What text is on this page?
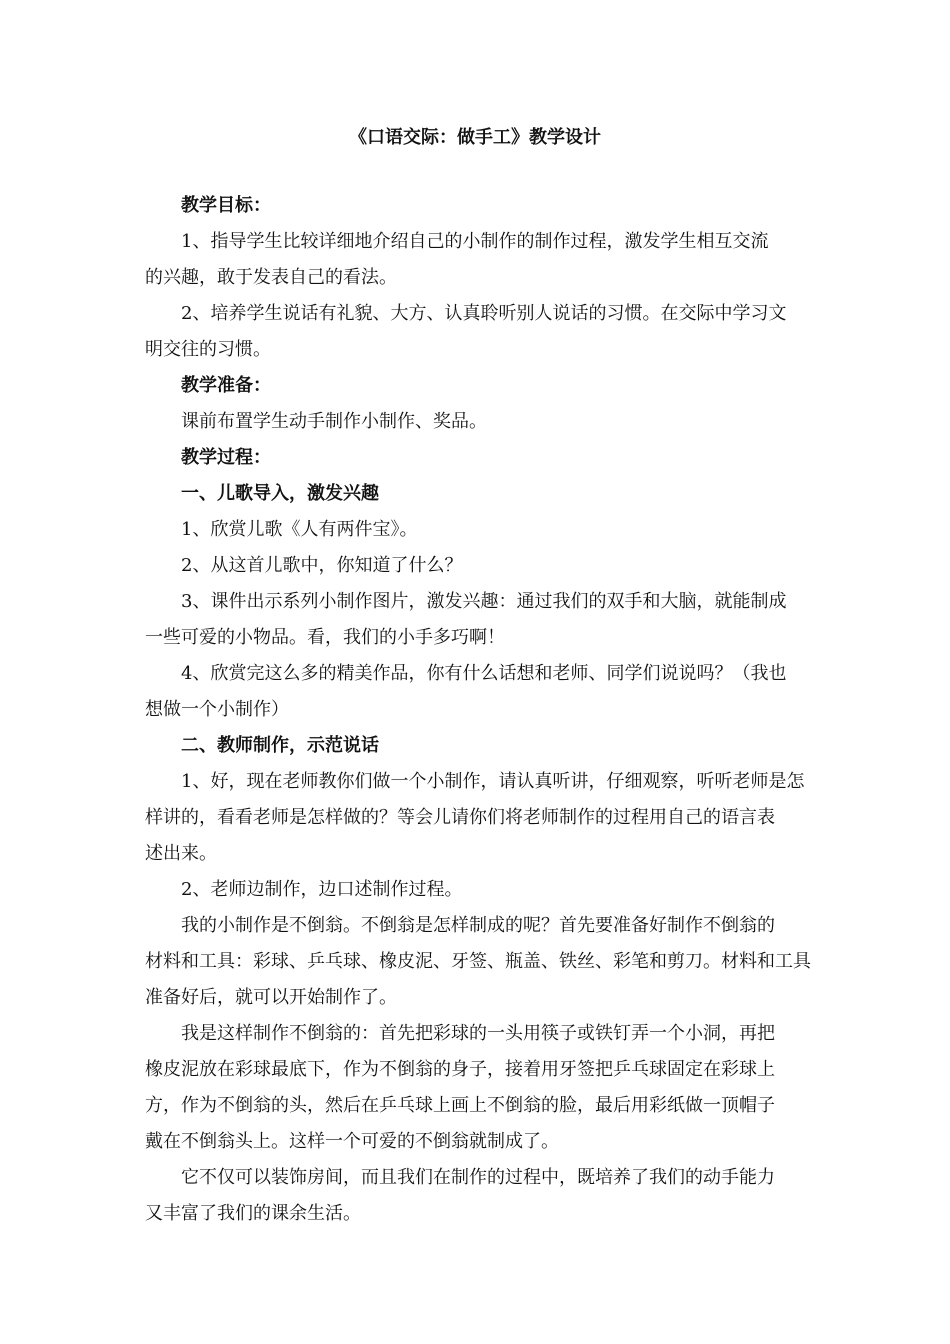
《口语交际：做手工》教学设计
教学目标：
1、指导学生比较详细地介绍自己的小制作的制作过程，激发学生相互交流
的兴趣，敢于发表自己的看法。
2、培养学生说话有礼貌、大方、认真聆听别人说话的习惯。在交际中学习文
明交往的习惯。
教学准备：
课前布置学生动手制作小制作、奖品。
教学过程：
一、儿歌导入，激发兴趣
1、欣赏儿歌《人有两件宝》。
2、从这首儿歌中，你知道了什么？
3、课件出示系列小制作图片，激发兴趣：通过我们的双手和大脑，就能制成
一些可爱的小物品。看，我们的小手多巧啊！
4、欣赏完这么多的精美作品，你有什么话想和老师、同学们说说吗？（我也
想做一个小制作）
二、教师制作，示范说话
1、好，现在老师教你们做一个小制作，请认真听讲，仔细观察，听听老师是怎
样讲的，看看老师是怎样做的？等会儿请你们将老师制作的过程用自己的语言表
述出来。
2、老师边制作，边口述制作过程。
我的小制作是不倒翁。不倒翁是怎样制成的呢？首先要准备好制作不倒翁的
材料和工具：彩球、乒乓球、橡皮泥、牙签、瓶盖、铁丝、彩笔和剪刀。材料和工具
准备好后，就可以开始制作了。
我是这样制作不倒翁的：首先把彩球的一头用筷子或铁钉弄一个小洞，再把
橡皮泥放在彩球最底下，作为不倒翁的身子，接着用牙签把乒乓球固定在彩球上
方，作为不倒翁的头，然后在乒乓球上画上不倒翁的脸，最后用彩纸做一顶帽子
戴在不倒翁头上。这样一个可爱的不倒翁就制成了。
它不仅可以装饰房间，而且我们在制作的过程中，既培养了我们的动手能力
又丰富了我们的课余生活。
